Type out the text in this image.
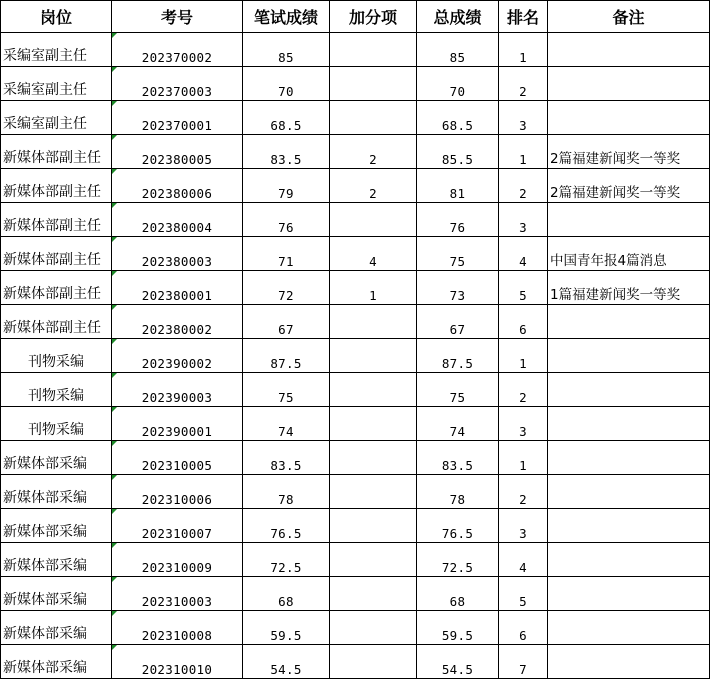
岗位	考号	笔试成绩	加分项	总成绩	排名	备注
采编室副主任	202370002	85		85	1	
采编室副主任	202370003	70		70	2	
采编室副主任	202370001	68.5		68.5	3	
新媒体部副主任	202380005	83.5	2	85.5	1	2篇福建新闻奖一等奖
新媒体部副主任	202380006	79	2	81	2	2篇福建新闻奖一等奖
新媒体部副主任	202380004	76		76	3	
新媒体部副主任	202380003	71	4	75	4	中国青年报4篇消息
新媒体部副主任	202380001	72	1	73	5	1篇福建新闻奖一等奖
新媒体部副主任	202380002	67		67	6	
刊物采编	202390002	87.5		87.5	1	
刊物采编	202390003	75		75	2	
刊物采编	202390001	74		74	3	
新媒体部采编	202310005	83.5		83.5	1	
新媒体部采编	202310006	78		78	2	
新媒体部采编	202310007	76.5		76.5	3	
新媒体部采编	202310009	72.5		72.5	4	
新媒体部采编	202310003	68		68	5	
新媒体部采编	202310008	59.5		59.5	6	
新媒体部采编	202310010	54.5		54.5	7	
